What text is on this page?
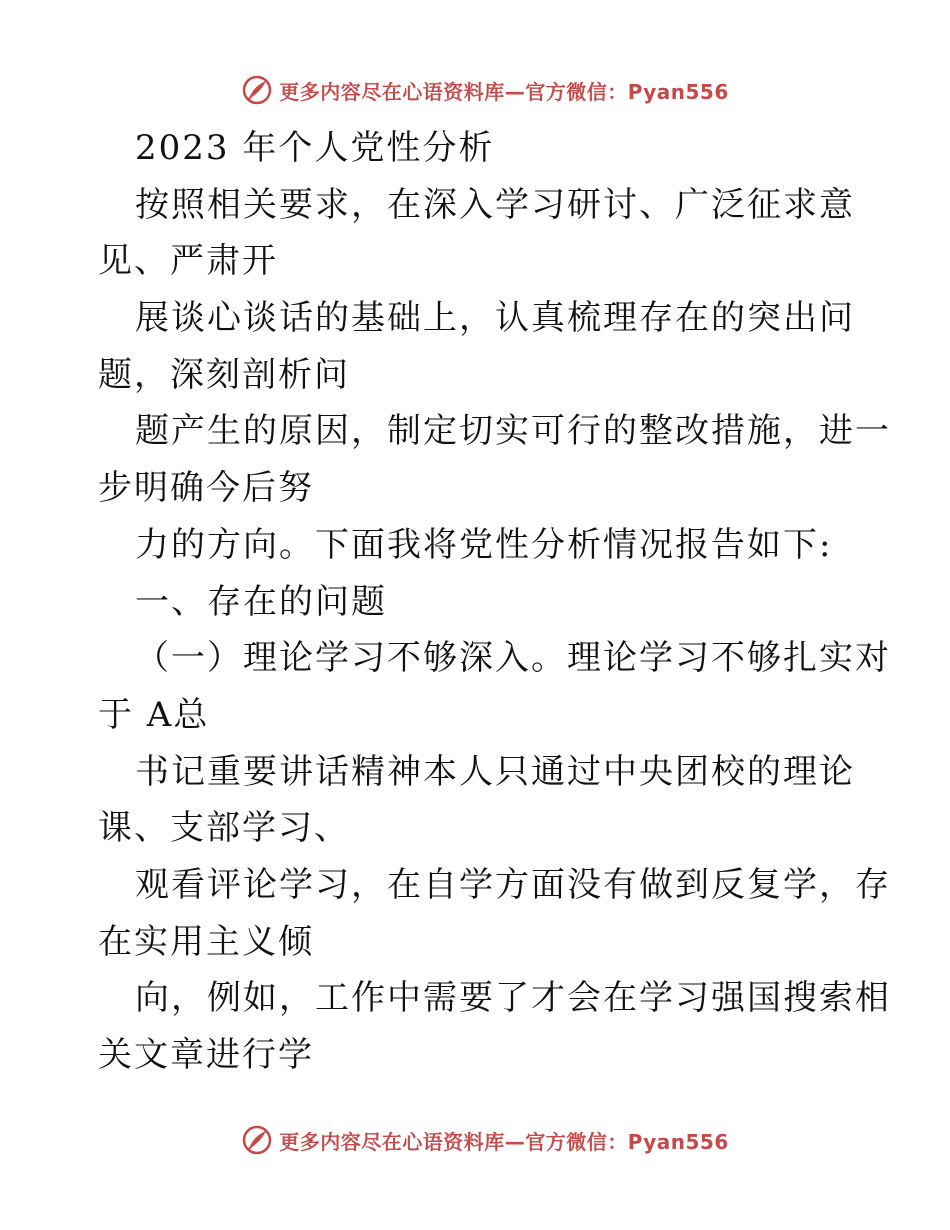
更多内容尽在心语资料库—官方微信：Pyan556
2023 年个人党性分析
按照相关要求，在深入学习研讨、广泛征求意
见、严肃开
展谈心谈话的基础上，认真梳理存在的突出问
题，深刻剖析问
题产生的原因，制定切实可行的整改措施，进一
步明确今后努
力的方向。下面我将党性分析情况报告如下:
一、存在的问题
（一）理论学习不够深入。理论学习不够扎实对
于 A总
书记重要讲话精神本人只通过中央团校的理论
课、支部学习、
观看评论学习，在自学方面没有做到反复学，存
在实用主义倾
向，例如，工作中需要了才会在学习强国搜索相
关文章进行学
更多内容尽在心语资料库—官方微信：Pyan556
